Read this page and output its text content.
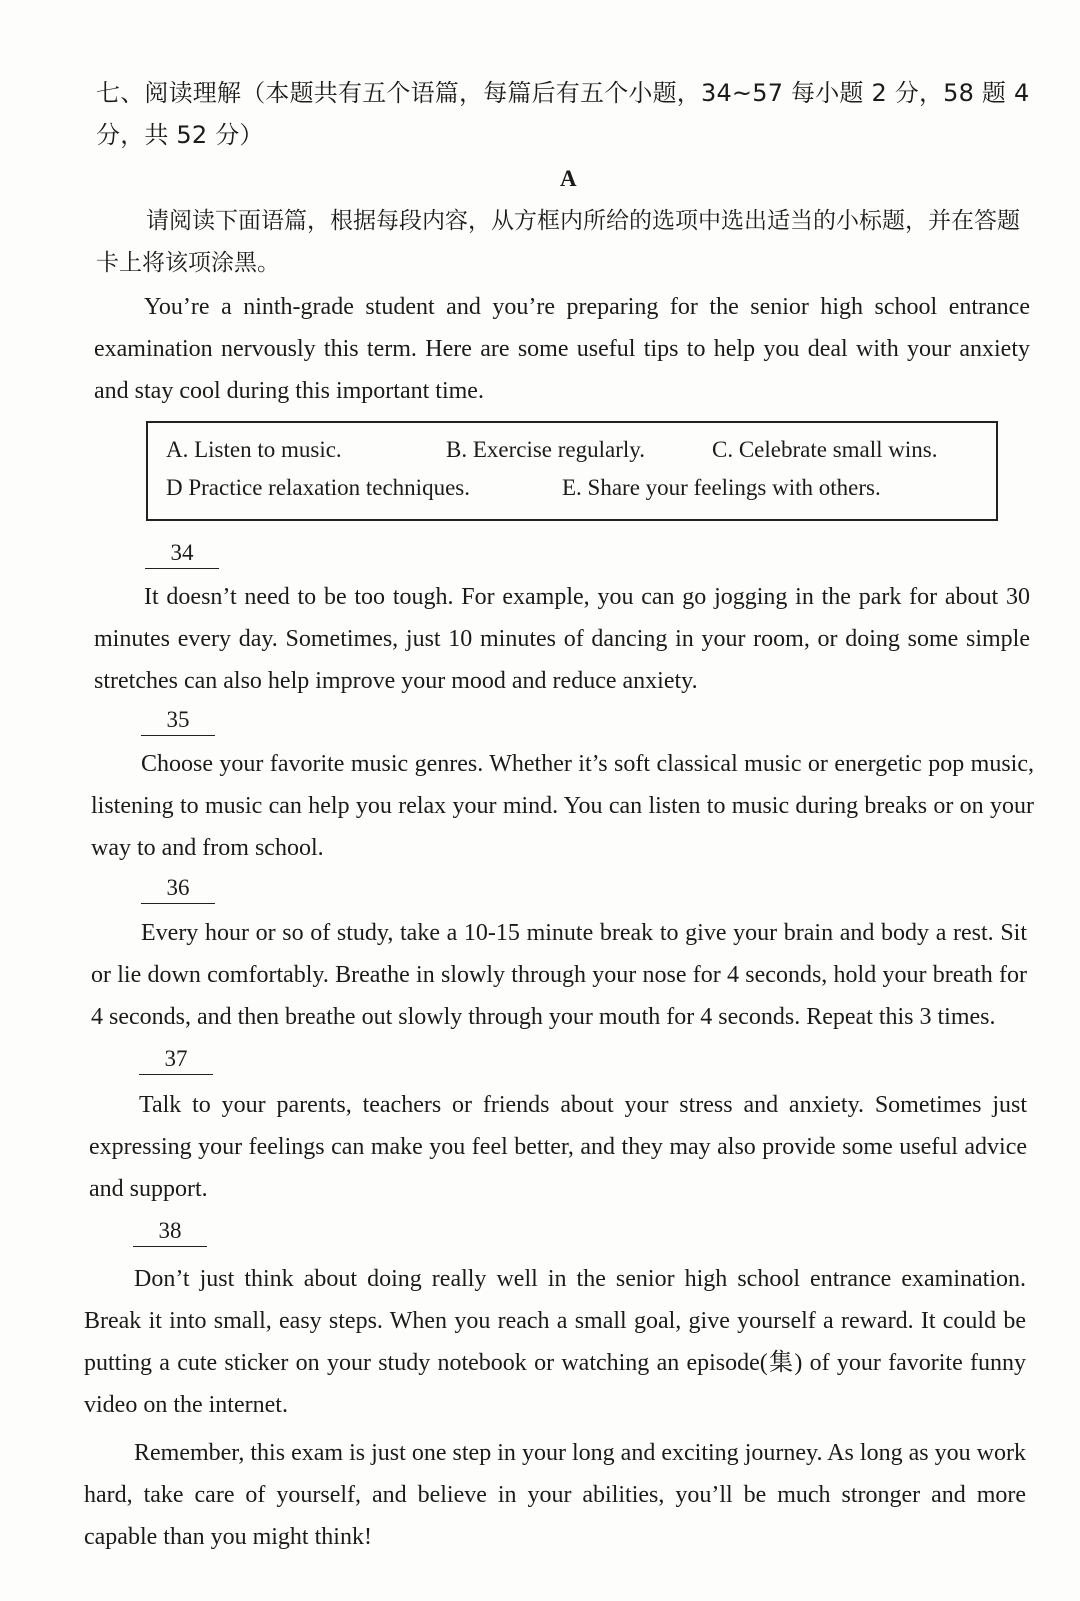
七、阅读理解（本题共有五个语篇，每篇后有五个小题，34~57 每小题 2 分，58 题 4 分，共 52 分）
A
请阅读下面语篇，根据每段内容，从方框内所给的选项中选出适当的小标题，并在答题卡上将该项涂黑。

You’re a ninth-grade student and you’re preparing for the senior high school entrance examination nervously this term. Here are some useful tips to help you deal with your anxiety and stay cool during this important time.

A. Listen to music.	B. Exercise regularly.	C. Celebrate small wins.
D Practice relaxation techniques.	E. Share your feelings with others.
34

It doesn’t need to be too tough. For example, you can go jogging in the park for about 30 minutes every day. Sometimes, just 10 minutes of dancing in your room, or doing some simple stretches can also help improve your mood and reduce anxiety.

35

Choose your favorite music genres. Whether it’s soft classical music or energetic pop music, listening to music can help you relax your mind. You can listen to music during breaks or on your way to and from school.

36

Every hour or so of study, take a 10-15 minute break to give your brain and body a rest. Sit or lie down comfortably. Breathe in slowly through your nose for 4 seconds, hold your breath for 4 seconds, and then breathe out slowly through your mouth for 4 seconds. Repeat this 3 times.

37

Talk to your parents, teachers or friends about your stress and anxiety. Sometimes just expressing your feelings can make you feel better, and they may also provide some useful advice and support.

38

Don’t just think about doing really well in the senior high school entrance examination. Break it into small, easy steps. When you reach a small goal, give yourself a reward. It could be putting a cute sticker on your study notebook or watching an episode(集) of your favorite funny video on the internet.

Remember, this exam is just one step in your long and exciting journey. As long as you work hard, take care of yourself, and believe in your abilities, you’ll be much stronger and more capable than you might think!
